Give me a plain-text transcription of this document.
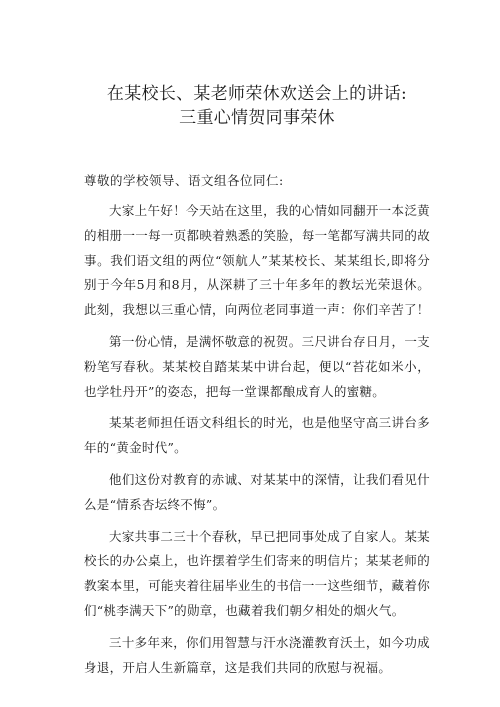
在某校长、某老师荣休欢送会上的讲话:
三重心情贺同事荣休

尊敬的学校领导、语文组各位同仁:

大家上午好！今天站在这里，我的心情如同翻开一本泛黄的相册一一每一页都映着熟悉的笑脸，每一笔都写满共同的故事。我们语文组的两位“领航人”某某校长、某某组长,即将分别于今年5月和8月，从深耕了三十年多年的教坛光荣退休。此刻，我想以三重心情，向两位老同事道一声：你们辛苦了！

第一份心情，是满怀敬意的祝贺。三尺讲台存日月，一支粉笔写春秋。某某校自踏某某中讲台起，便以“苔花如米小，也学牡丹开”的姿态，把每一堂课都酿成育人的蜜糖。

某某老师担任语文科组长的时光，也是他坚守高三讲台多年的“黄金时代”。

他们这份对教育的赤诚、对某某中的深情，让我们看见什么是“情系杏坛终不悔”。

大家共事二三十个春秋，早已把同事处成了自家人。某某校长的办公桌上，也许摆着学生们寄来的明信片；某某老师的教案本里，可能夹着往届毕业生的书信一一这些细节，藏着你们“桃李满天下”的勋章，也藏着我们朝夕相处的烟火气。

三十多年来，你们用智慧与汗水浇灌教育沃土，如今功成身退，开启人生新篇章，这是我们共同的欣慰与祝福。
